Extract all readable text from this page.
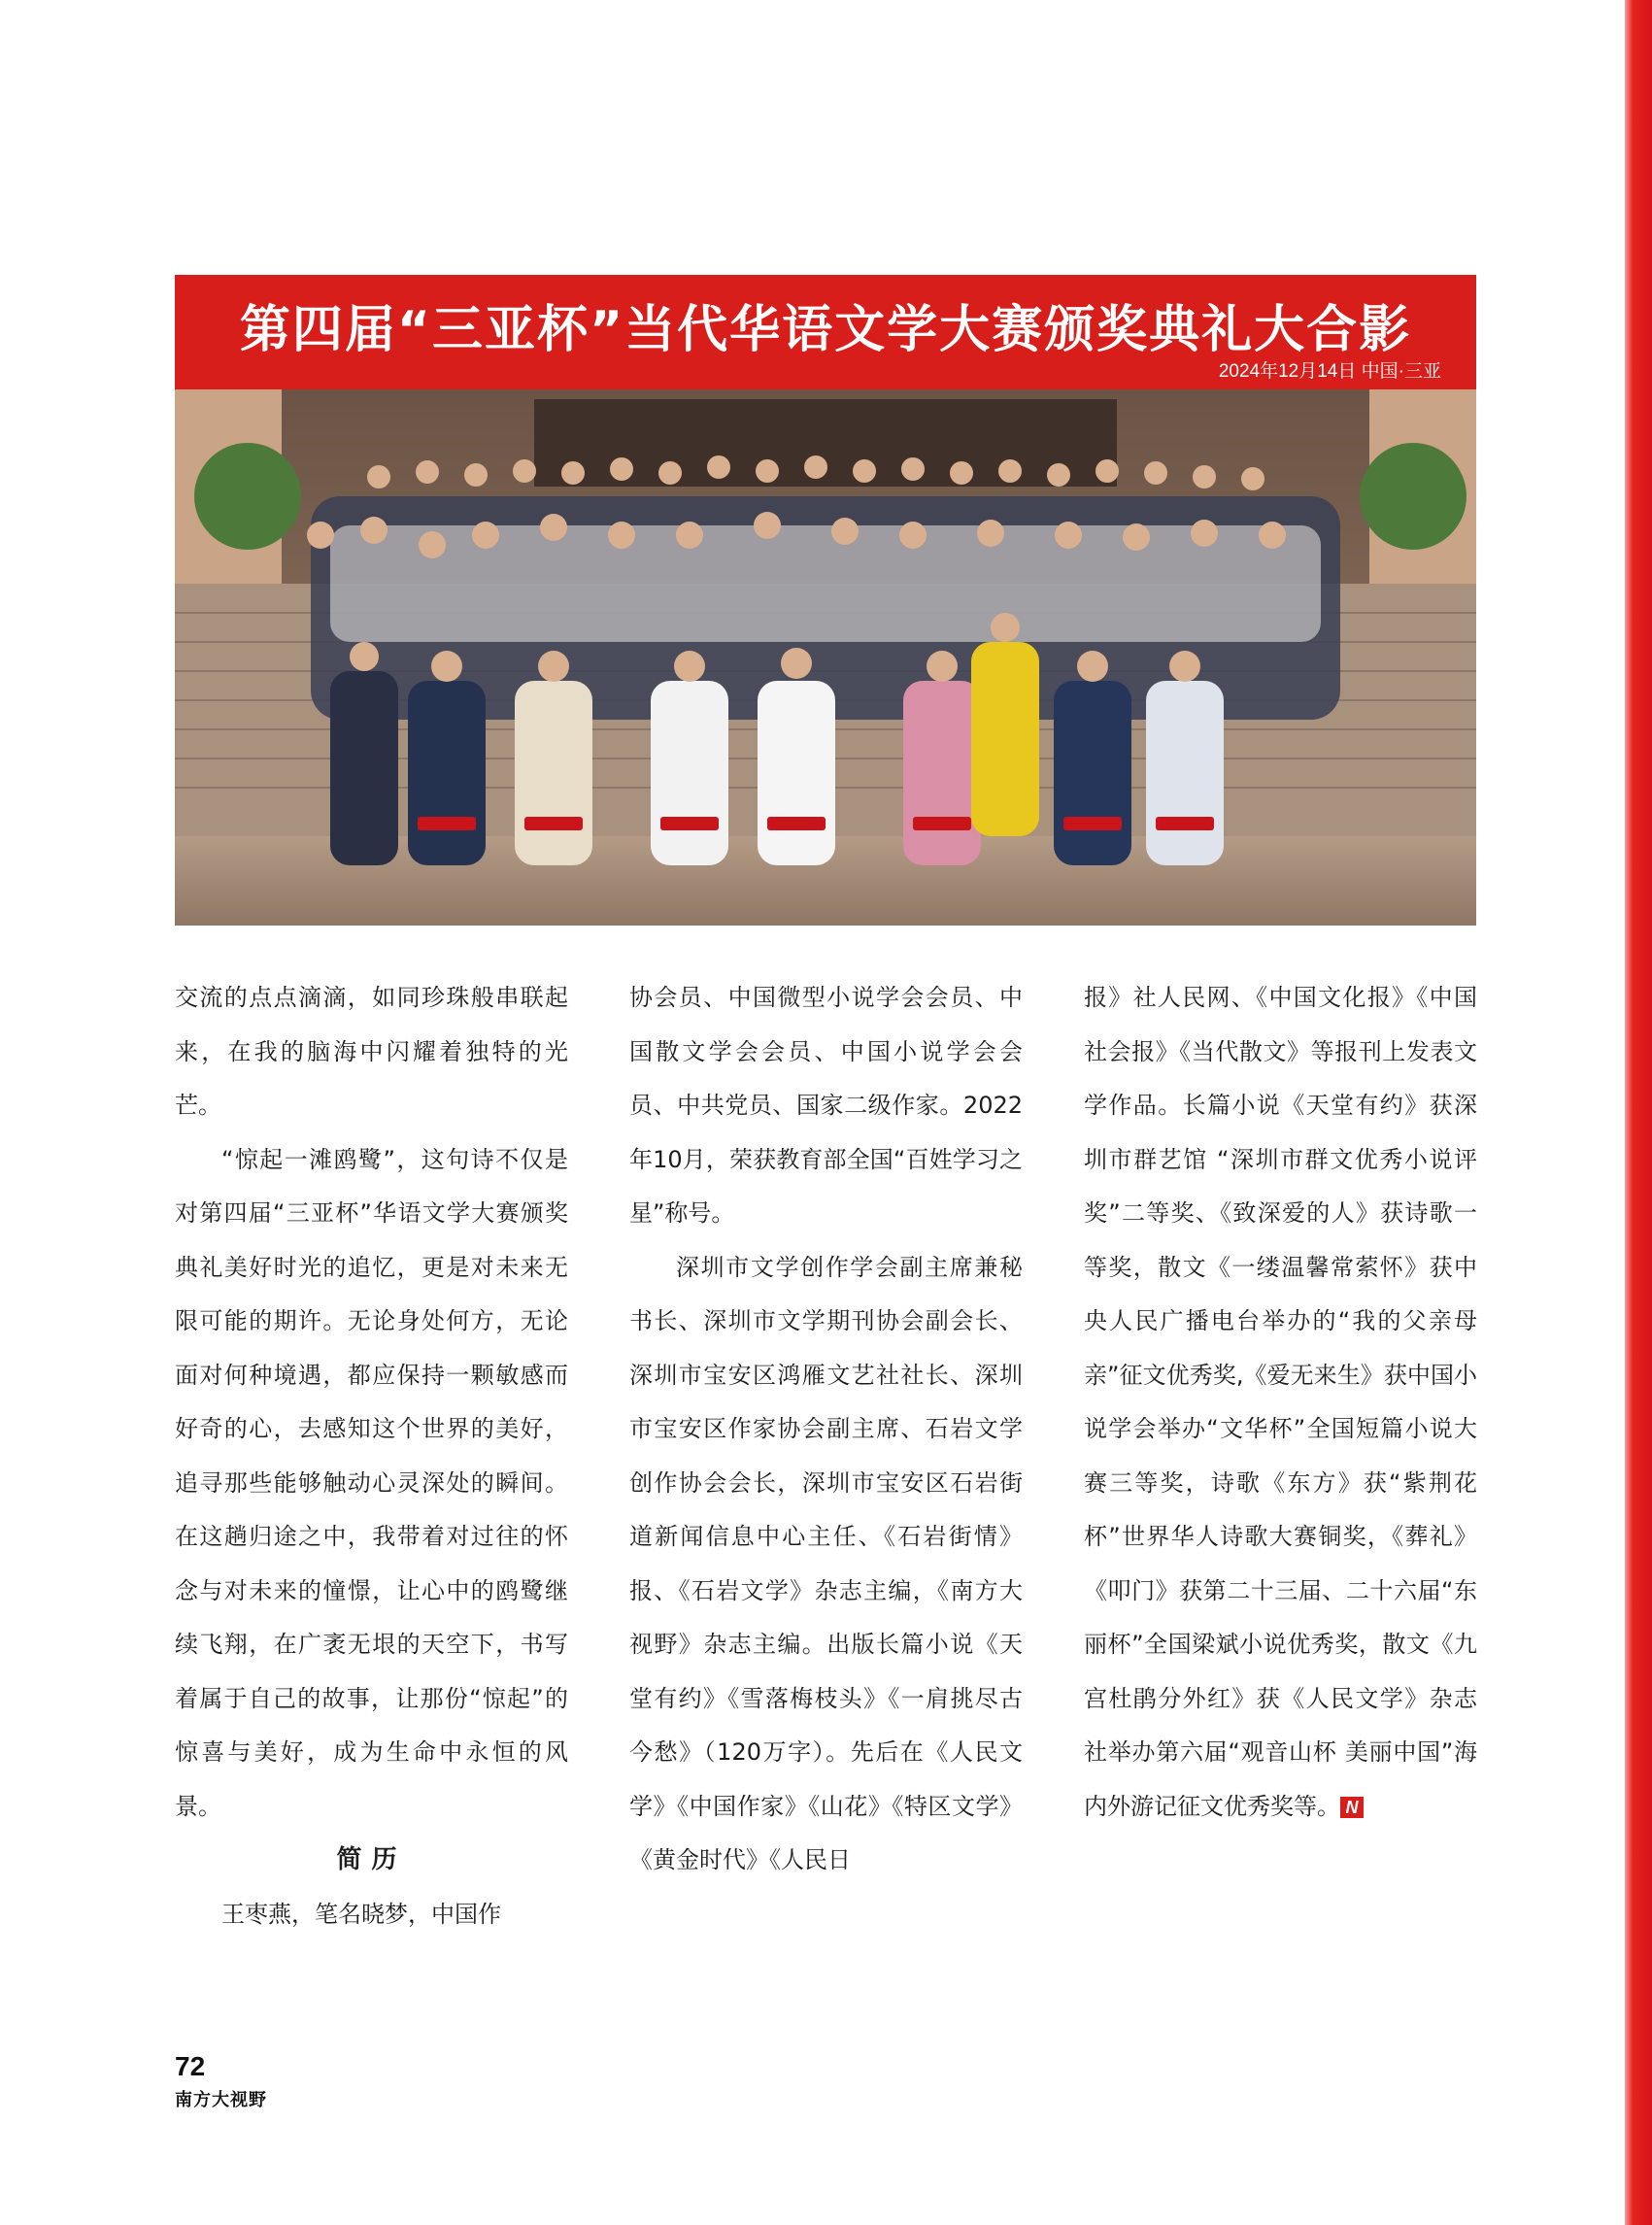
第四届“三亚杯”当代华语文学大赛颁奖典礼大合影
2024年12月14日 中国·三亚

交流的点点滴滴，如同珍珠般串联起来，在我的脑海中闪耀着独特的光芒。

“惊起一滩鸥鹭”，这句诗不仅是对第四届“三亚杯”华语文学大赛颁奖典礼美好时光的追忆，更是对未来无限可能的期许。无论身处何方，无论面对何种境遇，都应保持一颗敏感而好奇的心，去感知这个世界的美好，追寻那些能够触动心灵深处的瞬间。在这趟归途之中，我带着对过往的怀念与对未来的憧憬，让心中的鸥鹭继续飞翔，在广袤无垠的天空下，书写着属于自己的故事，让那份“惊起”的惊喜与美好，成为生命中永恒的风景。

简历

王枣燕，笔名晓梦，中国作

协会员、中国微型小说学会会员、中国散文学会会员、中国小说学会会员、中共党员、国家二级作家。2022年10月，荣获教育部全国“百姓学习之星”称号。

深圳市文学创作学会副主席兼秘书长、深圳市文学期刊协会副会长、深圳市宝安区鸿雁文艺社社长、深圳市宝安区作家协会副主席、石岩文学创作协会会长，深圳市宝安区石岩街道新闻信息中心主任、《石岩街情》报、《石岩文学》杂志主编，《南方大视野》杂志主编。出版长篇小说《天堂有约》《雪落梅枝头》《一肩挑尽古今愁》（120万字）。先后在《人民文学》《中国作家》《山花》《特区文学》《黄金时代》《人民日

报》社人民网、《中国文化报》《中国社会报》《当代散文》等报刊上发表文学作品。长篇小说《天堂有约》获深圳市群艺馆 “深圳市群文优秀小说评奖”二等奖、《致深爱的人》获诗歌一等奖，散文《一缕温馨常萦怀》获中央人民广播电台举办的“我的父亲母亲”征文优秀奖,《爱无来生》获中国小说学会举办“文华杯”全国短篇小说大赛三等奖，诗歌《东方》获“紫荆花杯”世界华人诗歌大赛铜奖，《葬礼》《叩门》获第二十三届、二十六届“东丽杯”全国梁斌小说优秀奖，散文《九宫杜鹃分外红》获《人民文学》杂志社举办第六届“观音山杯 美丽中国”海内外游记征文优秀奖等。 N

72
南方大视野
